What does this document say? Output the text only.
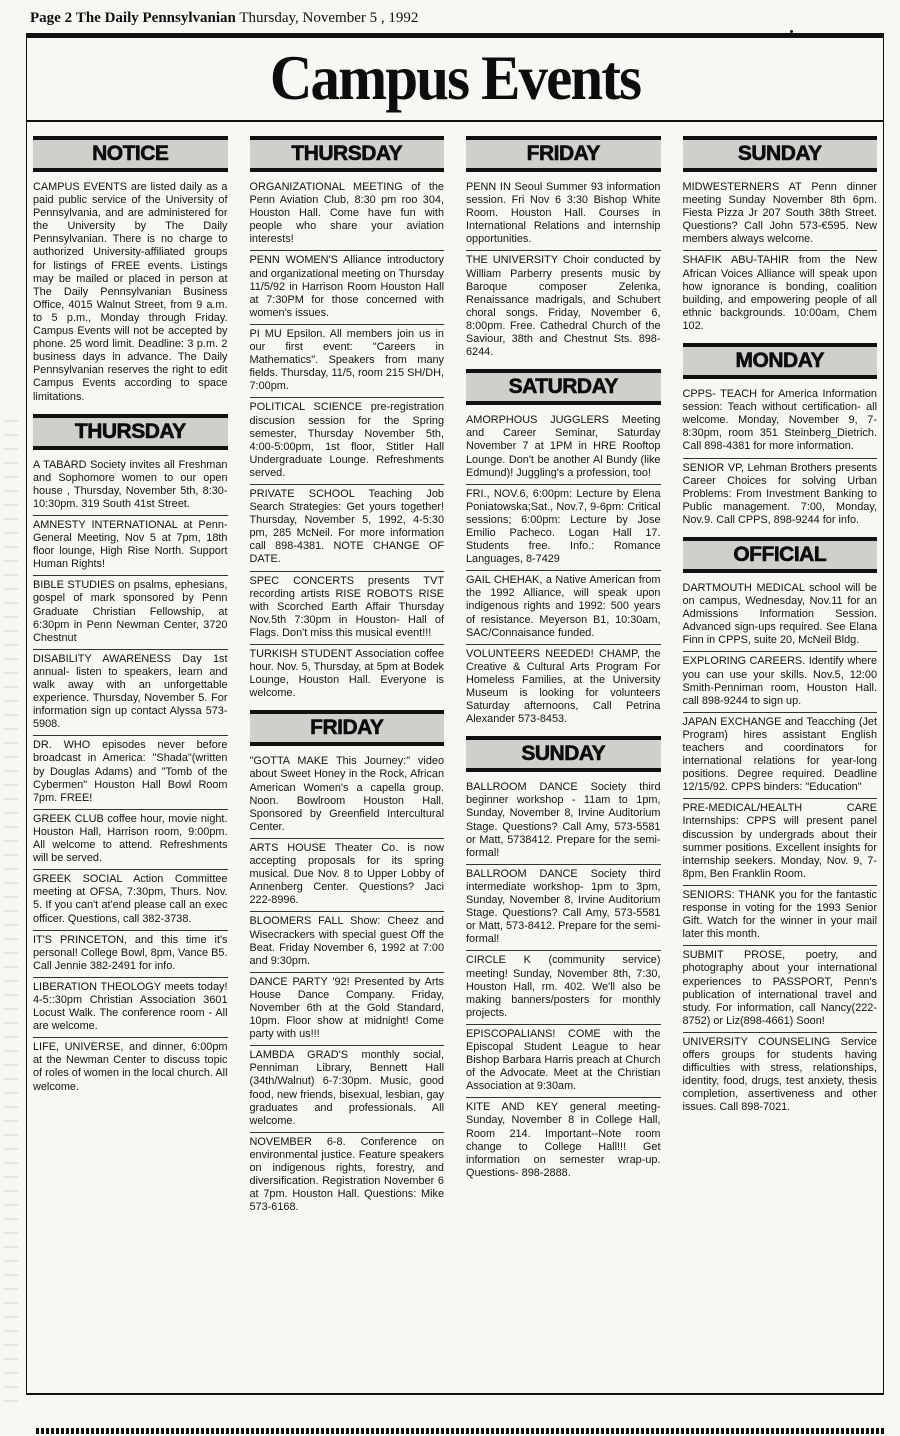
Page 2 The Daily Pennsylvanian Thursday, November 5 , 1992
Campus Events
NOTICE
CAMPUS EVENTS are listed daily as a paid public service of the University of Pennsylvania, and are administered for the University by The Daily Pennsylvanian. There is no charge to authorized University-affiliated groups for listings of FREE events. Listings may be mailed or placed in person at The Daily Pennsylvanian Business Office, 4015 Walnut Street, from 9 a.m. to 5 p.m., Monday through Friday. Campus Events will not be accepted by phone. 25 word limit. Deadline: 3 p.m. 2 business days in advance. The Daily Pennsylvanian reserves the right to edit Campus Events according to space limitations.
THURSDAY
A TABARD Society invites all Freshman and Sophomore women to our open house , Thursday, November 5th, 8:30-10:30pm. 319 South 41st Street.
AMNESTY INTERNATIONAL at Penn- General Meeting, Nov 5 at 7pm, 18th floor lounge, High Rise North. Support Human Rights!
BIBLE STUDIES on psalms, ephesians, gospel of mark sponsored by Penn Graduate Christian Fellowship, at 6:30pm in Penn Newman Center, 3720 Chestnut
DISABILITY AWARENESS Day 1st annual- listen to speakers, learn and walk away with an unforgettable experience. Thursday, November 5. For information sign up contact Alyssa 573-5908.
DR. WHO episodes never before broadcast in America: "Shada"(written by Douglas Adams) and "Tomb of the Cybermen" Houston Hall Bowl Room 7pm. FREE!
GREEK CLUB coffee hour, movie night. Houston Hall, Harrison room, 9:00pm. All welcome to attend. Refreshments will be served.
GREEK SOCIAL Action Committee meeting at OFSA, 7:30pm, Thurs. Nov. 5. If you can't at'end please call an exec officer. Questions, call 382-3738.
IT'S PRINCETON, and this time it's personal! College Bowl, 8pm, Vance B5. Call Jennie 382-2491 for info.
LIBERATION THEOLOGY meets today! 4-5::30pm Christian Association 3601 Locust Walk. The conference room - All are welcome.
LIFE, UNIVERSE, and dinner, 6:00pm at the Newman Center to discuss topic of roles of women in the local church. All welcome.
THURSDAY
ORGANIZATIONAL MEETING of the Penn Aviation Club, 8:30 pm roo 304, Houston Hall. Come have fun with people who share your aviation interests!
PENN WOMEN'S Alliance introductory and organizational meeting on Thursday 11/5/92 in Harrison Room Houston Hall at 7:30PM for those concerned with women's issues.
PI MU Epsilon. All members join us in our first event: "Careers in Mathematics". Speakers from many fields. Thursday, 11/5, room 215 SH/DH, 7:00pm.
POLITICAL SCIENCE pre-registration discusion session for the Spring semester, Thursday November 5th, 4:00-5:00pm, 1st floor, Stitler Hall Undergraduate Lounge. Refreshments served.
PRIVATE SCHOOL Teaching Job Search Strategies: Get yours together! Thursday, November 5, 1992, 4-5:30 pm, 285 McNeil. For more information call 898-4381. NOTE CHANGE OF DATE.
SPEC CONCERTS presents TVT recording artists RISE ROBOTS RISE with Scorched Earth Affair Thursday Nov.5th 7:30pm in Houston- Hall of Flags. Don't miss this musical event!!!
TURKISH STUDENT Association coffee hour. Nov. 5, Thursday, at 5pm at Bodek Lounge, Houston Hall. Everyone is welcome.
FRIDAY
"GOTTA MAKE This Journey:" video about Sweet Honey in the Rock, African American Women's a capella group. Noon. Bowlroom Houston Hall. Sponsored by Greenfield Intercultural Center.
ARTS HOUSE Theater Co. is now accepting proposals for its spring musical. Due Nov. 8 to Upper Lobby of Annenberg Center. Questions? Jaci 222-8996.
BLOOMERS FALL Show: Cheez and Wisecrackers with special guest Off the Beat. Friday November 6, 1992 at 7:00 and 9:30pm.
DANCE PARTY '92! Presented by Arts House Dance Company. Friday, November 6th at the Gold Standard, 10pm. Floor show at midnight! Come party with us!!!
LAMBDA GRAD'S monthly social, Penniman Library, Bennett Hall (34th/Walnut) 6-7:30pm. Music, good food, new friends, bisexual, lesbian, gay graduates and professionals. All welcome.
NOVEMBER 6-8. Conference on environmental justice. Feature speakers on indigenous rights, forestry, and diversification. Registration November 6 at 7pm. Houston Hall. Questions: Mike 573-6168.
FRIDAY
PENN IN Seoul Summer 93 information session. Fri Nov 6 3:30 Bishop White Room. Houston Hall. Courses in International Relations and internship opportunities.
THE UNIVERSITY Choir conducted by William Parberry presents music by Baroque composer Zelenka, Renaissance madrigals, and Schubert choral songs. Friday, November 6, 8:00pm. Free. Cathedral Church of the Saviour, 38th and Chestnut Sts. 898-6244.
SATURDAY
AMORPHOUS JUGGLERS Meeting and Career Seminar, Saturday November 7 at 1PM in HRE Rooftop Lounge. Don't be another Al Bundy (like Edmund)! Juggling's a profession, too!
FRI., NOV.6, 6:00pm: Lecture by Elena Poniatowska;Sat., Nov.7, 9-6pm: Critical sessions; 6:00pm: Lecture by Jose Emilio Pacheco. Logan Hall 17. Students free. Info.: Romance Languages, 8-7429
GAIL CHEHAK, a Native American from the 1992 Alliance, will speak upon indigenous rights and 1992: 500 years of resistance. Meyerson B1, 10:30am, SAC/Connaisance funded.
VOLUNTEERS NEEDED! CHAMP, the Creative & Cultural Arts Program For Homeless Families, at the University Museum is looking for volunteers Saturday afternoons, Call Petrina Alexander 573-8453.
SUNDAY
BALLROOM DANCE Society third beginner workshop - 11am to 1pm, Sunday, November 8, Irvine Auditorium Stage. Questions? Call Amy, 573-5581 or Matt, 5738412. Prepare for the semi-formal!
BALLROOM DANCE Society third intermediate workshop- 1pm to 3pm, Sunday, November 8, Irvine Auditorium Stage. Questions? Call Amy, 573-5581 or Matt, 573-8412. Prepare for the semi-formal!
CIRCLE K (community service) meeting! Sunday, November 8th, 7:30, Houston Hall, rm. 402. We'll also be making banners/posters for monthly projects.
EPISCOPALIANS! COME with the Episcopal Student League to hear Bishop Barbara Harris preach at Church of the Advocate. Meet at the Christian Association at 9:30am.
KITE AND KEY general meeting-Sunday, November 8 in College Hall, Room 214. Important--Note room change to College Hall!!! Get information on semester wrap-up. Questions- 898-2888.
SUNDAY
MIDWESTERNERS AT Penn dinner meeting Sunday November 8th 6pm. Fiesta Pizza Jr 207 South 38th Street. Questions? Call John 573-€595. New members always welcome.
SHAFIK ABU-TAHIR from the New African Voices Alliance will speak upon how ignorance is bonding, coalition building, and empowering people of all ethnic backgrounds. 10:00am, Chem 102.
MONDAY
CPPS- TEACH for America Information session: Teach without certification- all welcome. Monday, November 9, 7-8:30pm, room 351 Steinberg_Dietrich. Call 898-4381 for more information.
SENIOR VP, Lehman Brothers presents Career Choices for solving Urban Problems: From Investment Banking to Public management. 7:00, Monday, Nov.9. Call CPPS, 898-9244 for info.
OFFICIAL
DARTMOUTH MEDICAL school will be on campus, Wednesday, Nov.11 for an Admissions Information Session. Advanced sign-ups required. See Elana Finn in CPPS, suite 20, McNeil Bldg.
EXPLORING CAREERS. Identify where you can use your skills. Nov.5, 12:00 Smith-Penniman room, Houston Hall. call 898-9244 to sign up.
JAPAN EXCHANGE and Teacching (Jet Program) hires assistant English teachers and coordinators for international relations for year-long positions. Degree required. Deadline 12/15/92. CPPS binders: "Education"
PRE-MEDICAL/HEALTH CARE Internships: CPPS will present panel discussion by undergrads about their summer positions. Excellent insights for internship seekers. Monday, Nov. 9, 7-8pm, Ben Franklin Room.
SENIORS: THANK you for the fantastic response in voting for the 1993 Senior Gift. Watch for the winner in your mail later this month.
SUBMIT PROSE, poetry, and photography about your international experiences to PASSPORT, Penn's publication of international travel and study. For information, call Nancy(222-8752) or Liz(898-4661) Soon!
UNIVERSITY COUNSELING Service offers groups for students having difficulties with stress, relationships, identity, food, drugs, test anxiety, thesis completion, assertiveness and other issues. Call 898-7021.
